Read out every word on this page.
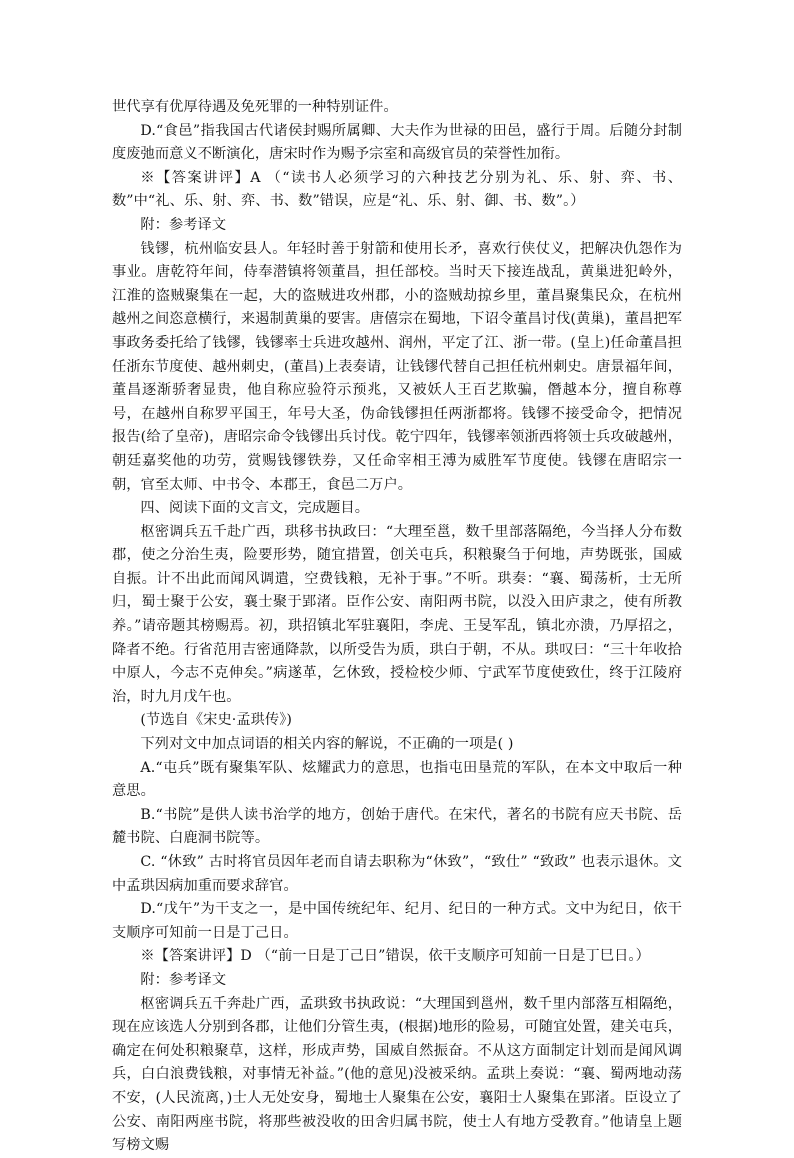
世代享有优厚待遇及免死罪的一种特别证件。

D.“食邑”指我国古代诸侯封赐所属卿、大夫作为世禄的田邑，盛行于周。后随分封制度废弛而意义不断演化，唐宋时作为赐予宗室和高级官员的荣誉性加衔。

※【答案讲评】A （“读书人必须学习的六种技艺分别为礼、乐、射、弈、书、数”中“礼、乐、射、弈、书、数”错误，应是“礼、乐、射、御、书、数”。）

附：参考译文

钱镠，杭州临安县人。年轻时善于射箭和使用长矛，喜欢行侠仗义，把解决仇怨作为事业。唐乾符年间，侍奉潜镇将领董昌，担任部校。当时天下接连战乱，黄巢进犯岭外，江淮的盗贼聚集在一起，大的盗贼进攻州郡，小的盗贼劫掠乡里，董昌聚集民众，在杭州越州之间恣意横行，来遏制黄巢的要害。唐僖宗在蜀地，下诏令董昌讨伐(黄巢)，董昌把军事政务委托给了钱镠，钱镠率士兵进攻越州、润州，平定了江、浙一带。(皇上)任命董昌担任浙东节度使、越州刺史，(董昌)上表奏请，让钱镠代替自己担任杭州刺史。唐景福年间，董昌逐渐骄奢显贵，他自称应验符示预兆，又被妖人王百艺欺骗，僭越本分，擅自称尊号，在越州自称罗平国王，年号大圣，伪命钱镠担任两浙都将。钱镠不接受命令，把情况报告(给了皇帝)，唐昭宗命令钱镠出兵讨伐。乾宁四年，钱镠率领浙西将领士兵攻破越州，朝廷嘉奖他的功劳，赏赐钱镠铁券，又任命宰相王溥为威胜军节度使。钱镠在唐昭宗一朝，官至太师、中书令、本郡王，食邑二万户。

四、阅读下面的文言文，完成题目。

枢密调兵五千赴广西，珙移书执政曰：“大理至邕，数千里部落隔绝，今当择人分布数郡，使之分治生夷，险要形势，随宜措置，创关屯兵，积粮聚刍于何地，声势既张，国威自振。计不出此而闻风调遣，空费钱粮，无补于事。”不听。珙奏：“襄、蜀荡析，士无所归，蜀士聚于公安，襄士聚于郢渚。臣作公安、南阳两书院，以没入田庐隶之，使有所教养。”请帝题其榜赐焉。初，珙招镇北军驻襄阳，李虎、王旻军乱，镇北亦溃，乃厚招之，降者不绝。行省范用吉密通降款，以所受告为质，珙白于朝，不从。珙叹曰：“三十年收拾中原人，今志不克伸矣。”病遂革，乞休致，授检校少师、宁武军节度使致仕，终于江陵府治，时九月戊午也。

(节选自《宋史·孟珙传》)

下列对文中加点词语的相关内容的解说，不正确的一项是( )

A.“屯兵”既有聚集军队、炫耀武力的意思，也指屯田垦荒的军队，在本文中取后一种意思。

B.“书院”是供人读书治学的地方，创始于唐代。在宋代，著名的书院有应天书院、岳麓书院、白鹿洞书院等。

C. “休致” 古时将官员因年老而自请去职称为“休致”，“致仕” “致政” 也表示退休。文中孟珙因病加重而要求辞官。

D.“戊午”为干支之一，是中国传统纪年、纪月、纪日的一种方式。文中为纪日，依干支顺序可知前一日是丁己日。

※【答案讲评】D （“前一日是丁己日”错误，依干支顺序可知前一日是丁巳日。）

附：参考译文

枢密调兵五千奔赴广西，孟珙致书执政说：“大理国到邕州，数千里内部落互相隔绝，现在应该选人分别到各郡，让他们分管生夷，(根据)地形的险易，可随宜处置，建关屯兵，确定在何处积粮聚草，这样，形成声势，国威自然振奋。不从这方面制定计划而是闻风调兵，白白浪费钱粮，对事情无补益。”(他的意见)没被采纳。孟珙上奏说：“襄、蜀两地动荡不安，(人民流离，)士人无处安身，蜀地士人聚集在公安，襄阳士人聚集在郢渚。臣设立了公安、南阳两座书院，将那些被没收的田舍归属书院，使士人有地方受教育。”他请皇上题写榜文赐
